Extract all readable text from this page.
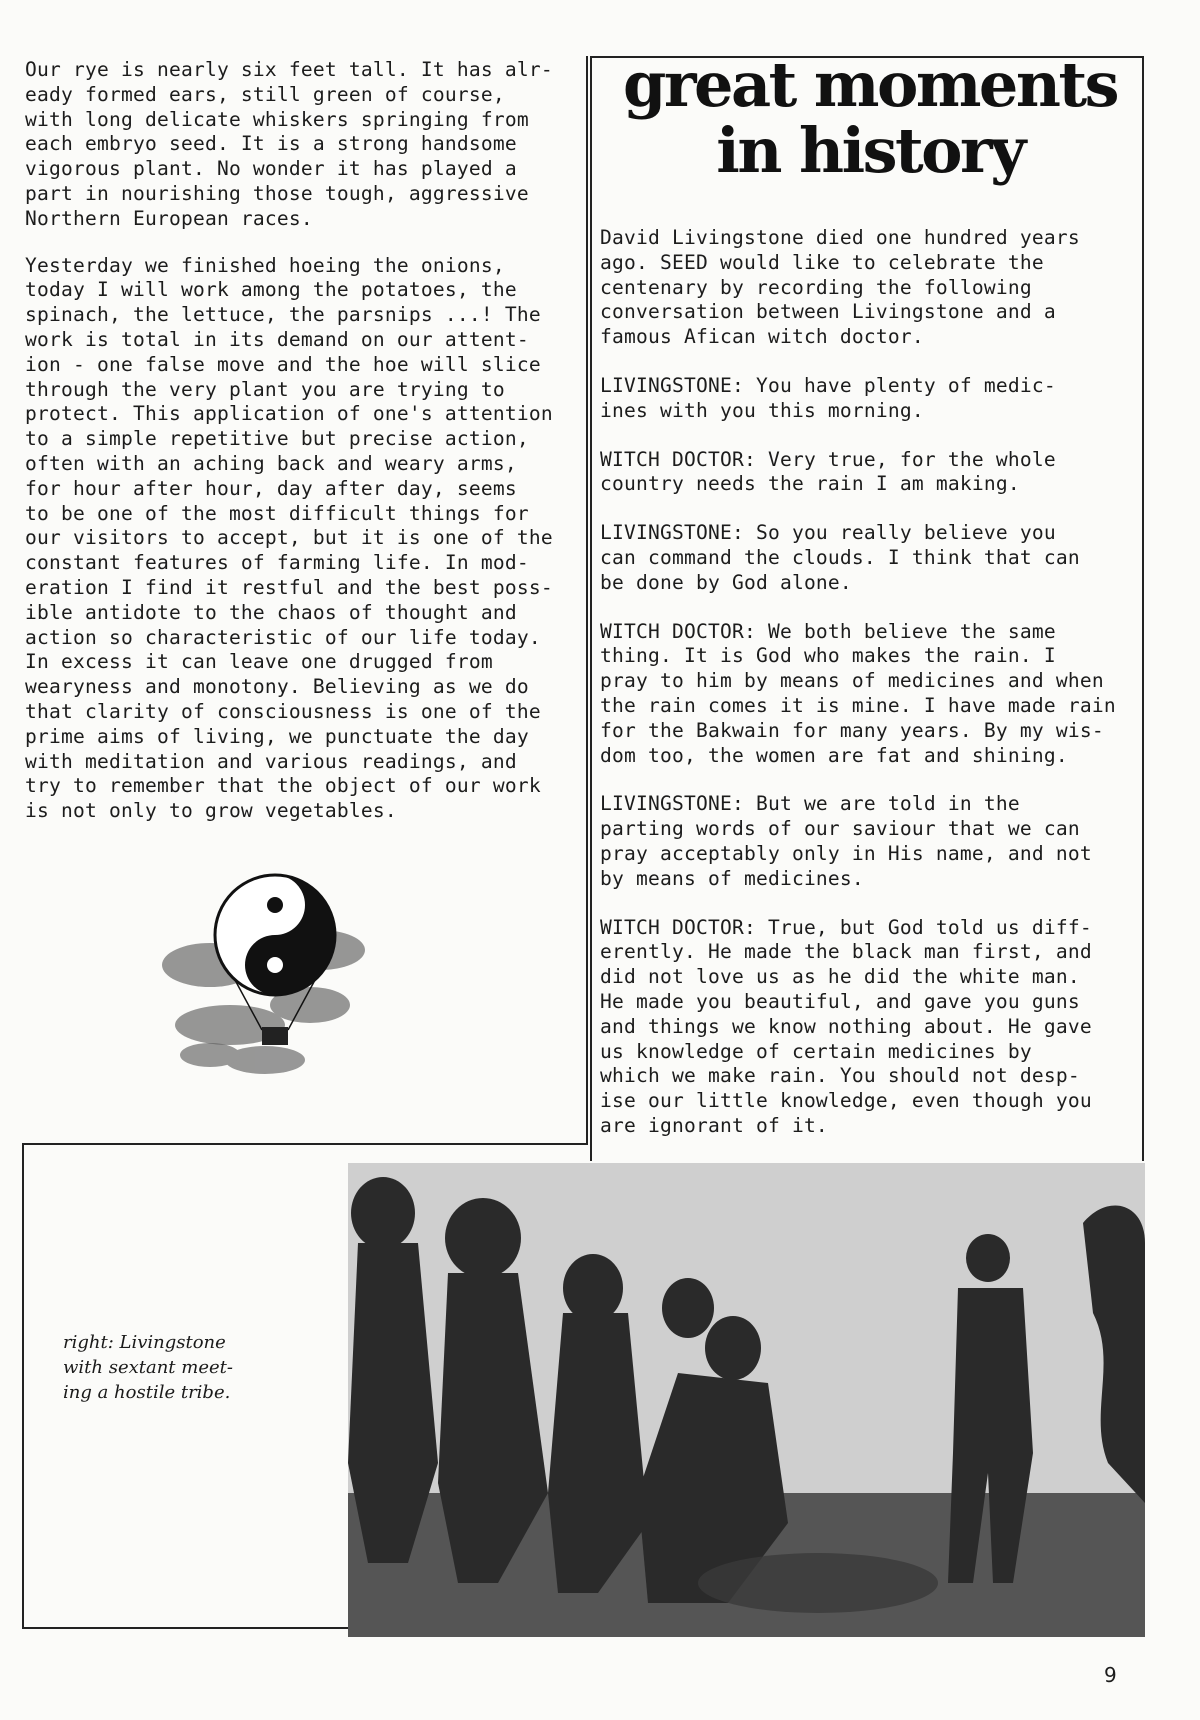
Our rye is nearly six feet tall. It has alr-
eady formed ears, still green of course,
with long delicate whiskers springing from
each embryo seed. It is a strong handsome
vigorous plant. No wonder it has played a
part in nourishing those tough, aggressive
Northern European races.

Yesterday we finished hoeing the onions,
today I will work among the potatoes, the
spinach, the lettuce, the parsnips ...! The
work is total in its demand on our attent-
ion - one false move and the hoe will slice
through the very plant you are trying to
protect. This application of one's attention
to a simple repetitive but precise action,
often with an aching back and weary arms,
for hour after hour, day after day, seems
to be one of the most difficult things for
our visitors to accept, but it is one of the
constant features of farming life. In mod-
eration I find it restful and the best poss-
ible antidote to the chaos of thought and
action so characteristic of our life today.
In excess it can leave one drugged from
wearyness and monotony. Believing as we do
that clarity of consciousness is one of the
prime aims of living, we punctuate the day
with meditation and various readings, and
try to remember that the object of our work
is not only to grow vegetables.

great moments
in history

David Livingstone died one hundred years
ago. SEED would like to celebrate the
centenary by recording the following
conversation between Livingstone and a
famous Afican witch doctor.

LIVINGSTONE: You have plenty of medic-
ines with you this morning.

WITCH DOCTOR: Very true, for the whole
country needs the rain I am making.

LIVINGSTONE: So you really believe you
can command the clouds. I think that can
be done by God alone.

WITCH DOCTOR: We both believe the same
thing. It is God who makes the rain. I
pray to him by means of medicines and when
the rain comes it is mine. I have made rain
for the Bakwain for many years. By my wis-
dom too, the women are fat and shining.

LIVINGSTONE: But we are told in the
parting words of our saviour that we can
pray acceptably only in His name, and not
by means of medicines.

WITCH DOCTOR: True, but God told us diff-
erently. He made the black man first, and
did not love us as he did the white man.
He made you beautiful, and gave you guns
and things we know nothing about. He gave
us knowledge of certain medicines by
which we make rain. You should not desp-
ise our little knowledge, even though you
are ignorant of it.

right: Livingstone
with sextant meet-
ing a hostile tribe.
9
